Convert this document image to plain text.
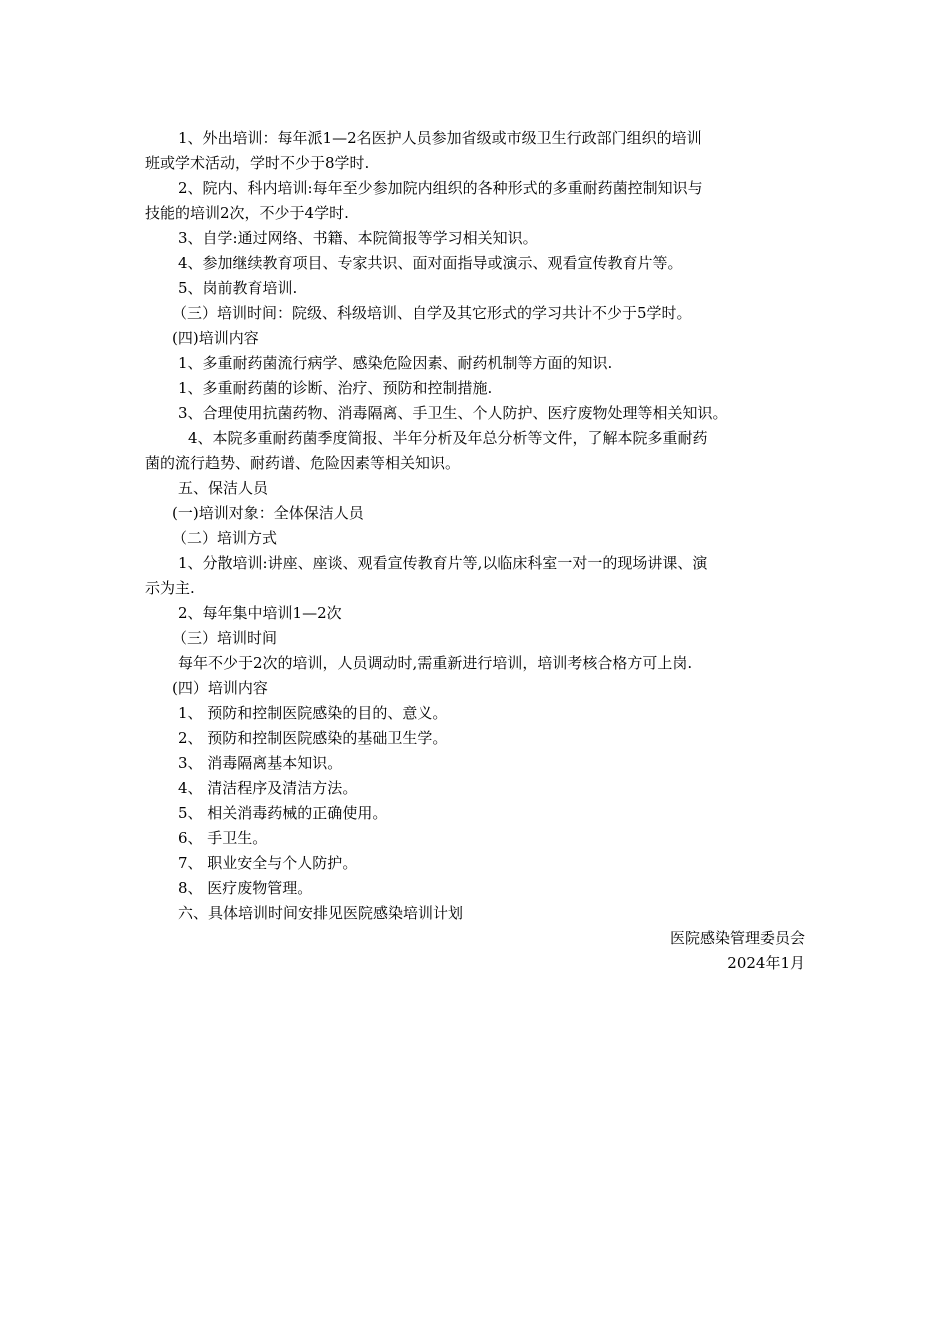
1、外出培训：每年派1—2名医护人员参加省级或市级卫生行政部门组织的培训
班或学术活动，学时不少于8学时.
2、院内、科内培训:每年至少参加院内组织的各种形式的多重耐药菌控制知识与
技能的培训2次，不少于4学时.
3、自学:通过网络、书籍、本院简报等学习相关知识。
4、参加继续教育项目、专家共识、面对面指导或演示、观看宣传教育片等。
5、岗前教育培训.
（三）培训时间：院级、科级培训、自学及其它形式的学习共计不少于5学时。
(四)培训内容
1、多重耐药菌流行病学、感染危险因素、耐药机制等方面的知识.
1、多重耐药菌的诊断、治疗、预防和控制措施.
3、合理使用抗菌药物、消毒隔离、手卫生、个人防护、医疗废物处理等相关知识。
4、本院多重耐药菌季度简报、半年分析及年总分析等文件，了解本院多重耐药
菌的流行趋势、耐药谱、危险因素等相关知识。
五、保洁人员
(一)培训对象：全体保洁人员
（二）培训方式
1、分散培训:讲座、座谈、观看宣传教育片等,以临床科室一对一的现场讲课、演
示为主.
2、每年集中培训1—2次
（三）培训时间
每年不少于2次的培训，人员调动时,需重新进行培训，培训考核合格方可上岗.
(四）培训内容
1、 预防和控制医院感染的目的、意义。
2、 预防和控制医院感染的基础卫生学。
3、 消毒隔离基本知识。
4、 清洁程序及清洁方法。
5、 相关消毒药械的正确使用。
6、 手卫生。
7、 职业安全与个人防护。
8、 医疗废物管理。
六、具体培训时间安排见医院感染培训计划
医院感染管理委员会
2024年1月
